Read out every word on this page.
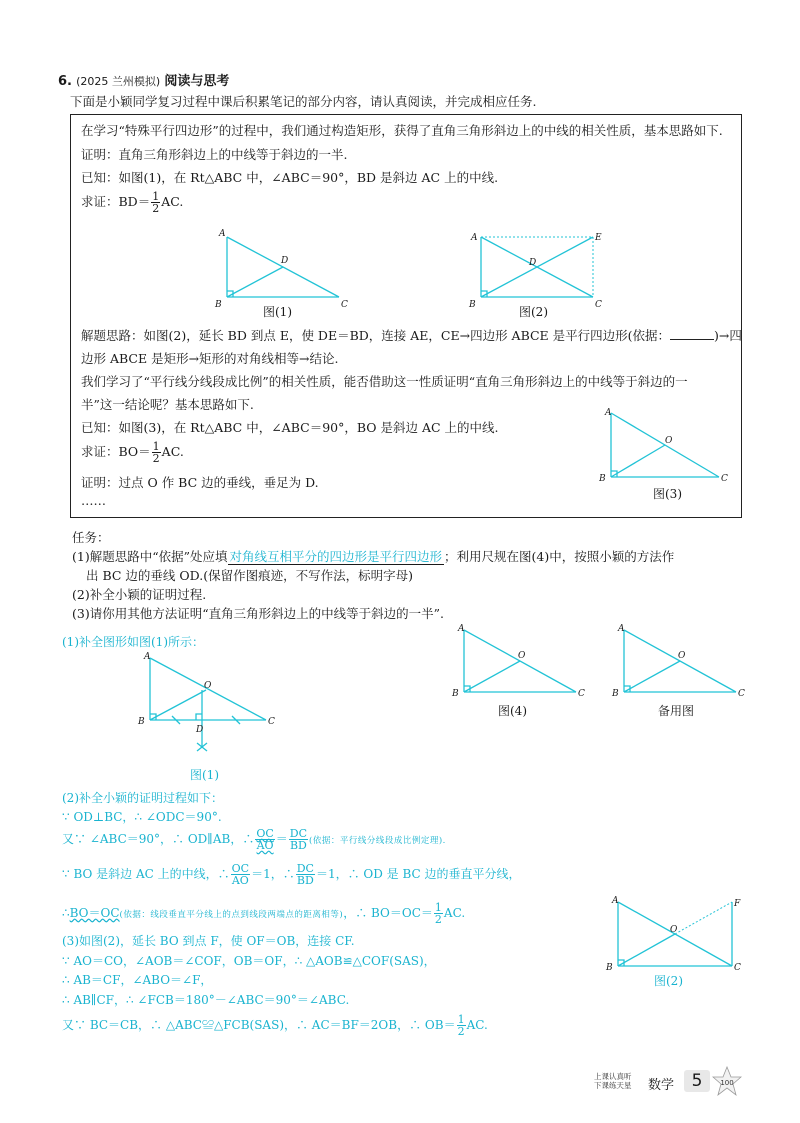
6. (2025 兰州模拟) 阅读与思考
下面是小颖同学复习过程中课后积累笔记的部分内容，请认真阅读，并完成相应任务.
在学习“特殊平行四边形”的过程中，我们通过构造矩形，获得了直角三角形斜边上的中线的相关性质，基本思路如下.
证明：直角三角形斜边上的中线等于斜边的一半.
已知：如图(1)，在 Rt△ABC 中，∠ABC＝90°，BD 是斜边 AC 上的中线.
求证：$BD= \frac{1}{2}$ AC.
A
B	C
D
图(1)
A
B	C
D
E
图(2)
解题思路：如图(2)，延长 BD 到点 E，使 DE＝BD，连接 AE，CE→四边形 ABCE 是平行四边形(依据：	)→四
边形 ABCE 是矩形→矩形的对角线相等→结论.
我们学习了“平行线分线段成比例”的相关性质，能否借助这一性质证明“直角三角形斜边上的中线等于斜边的一
半”这一结论呢？基本思路如下.
已知：如图(3)，在 Rt△ABC 中，∠ABC＝90°，BO 是斜边 AC 上的中线.
求证：$BO= \frac{1}{2}$ AC.
证明：过点 O 作 BC 边的垂线，垂足为 D.
……
A
B	C
O
图(3)
任务：
(1)解题思路中“依据”处应填 对角线互相平分的四边形是平行四边形 ；利用尺规在图(4)中，按照小颖的方法作
出 BC 边的垂线 OD.(保留作图痕迹，不写作法，标明字母)
(2)补全小颖的证明过程.
(3)请你用其他方法证明“直角三角形斜边上的中线等于斜边的一半”.
(1)补全图形如图(1)所示：
A
B	C
O
D
图(1)
A
B	C
O
图(4)
A
B	C
O
备用图
(2)补全小颖的证明过程如下：
∵ OD⊥BC，∴ ∠ODC＝90°.
又∵ ∠ABC＝90°，∴ OD∥AB，∴ $\frac{OC}{AO} = \frac{DC}{BD}$ (依据：平行线分线段成比例定理).
∵ BO 是斜边 AC 上的中线，∴ $\frac{OC}{AO} =1$，∴ $\frac{DC}{BD} =1$，∴ OD 是 BC 边的垂直平分线，
∴BO＝OC(依据：线段垂直平分线上的点到线段两端点的距离相等)，∴ $BO=OC= \frac{1}{2}$ AC.
(3)如图(2)，延长 BO 到点 F，使 OF＝OB，连接 CF.
∵ AO＝CO，∠AOB＝∠COF，OB＝OF，∴ △AOB≌△COF(SAS)，
∴ AB＝CF，∠ABO＝∠F，
∴ AB∥CF，∴ ∠FCB＝180°－∠ABC＝90°＝∠ABC.
又∵ BC＝CB，∴ △ABC≌△FCB(SAS)，∴ AC＝BF＝2OB，∴ $OB= \frac{1}{2}$ AC.
A
B	C
O
F
图(2)
上课认真听
下课练天星 数学	5	100
